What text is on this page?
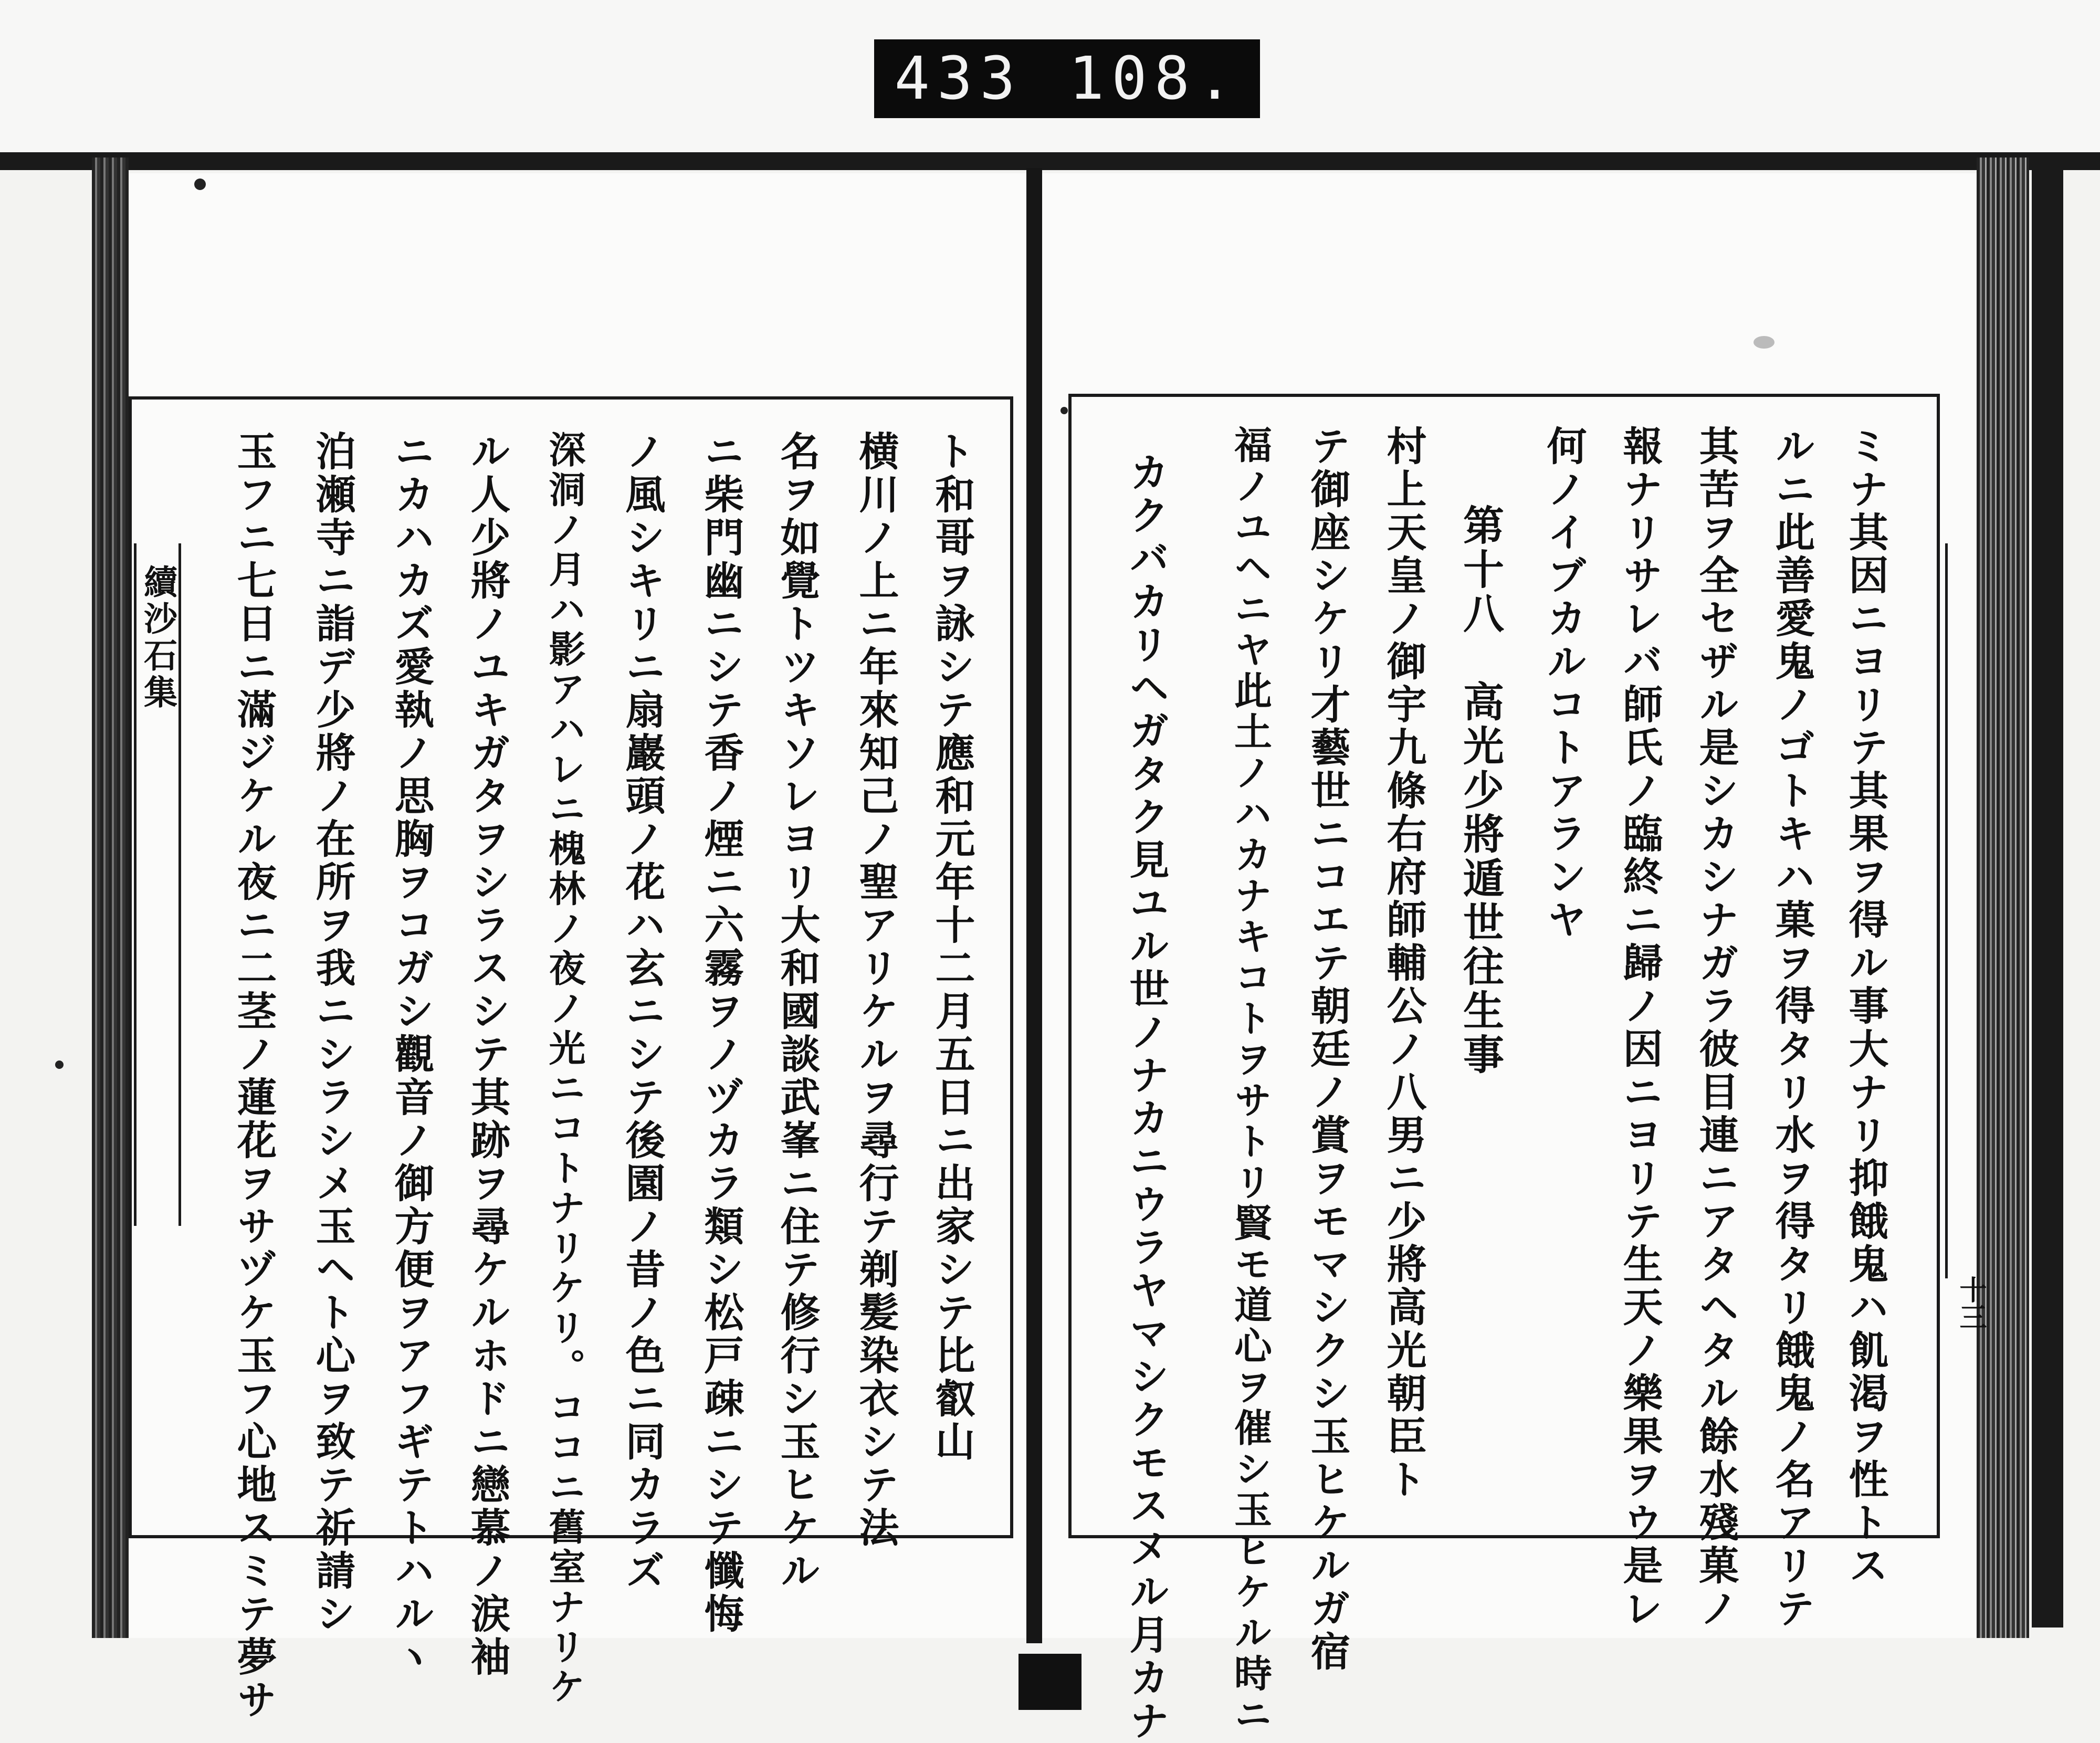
433 108.
續沙石集	ト和哥ヲ詠シテ應和元年十二月五日ニ出家シテ比叡山
横川ノ上ニ年來知己ノ聖アリケルヲ尋行テ剃髪染衣シテ法
名ヲ如覺トツキソレヨリ大和國談武峯ニ住テ修行シ玉ヒケル
ニ柴門幽ニシテ香ノ煙ニ六霧ヲノヅカラ類シ松戸疎ニシテ懺悔
ノ風シキリニ扇巖頭ノ花ハ玄ニシテ後園ノ昔ノ色ニ同カラズ
深洞ノ月ハ影アハレニ槐林ノ夜ノ光ニコトナリケリ。ココニ舊室ナリケ
ル人少將ノユキガタヲシラスシテ其跡ヲ尋ケルホドニ戀慕ノ涙袖
ニカハカズ愛執ノ思胸ヲコガシ觀音ノ御方便ヲアフギテトハルヽ
泊瀬寺ニ詣デ少將ノ在所ヲ我ニシラシメ玉ヘト心ヲ致テ祈請シ
玉フニ七日ニ滿ジケル夜ニ二茎ノ蓮花ヲサヅケ玉フ心地スミテ夢サ	十三
ミナ其因ニヨリテ其果ヲ得ル事大ナリ抑餓鬼ハ飢渇ヲ性トス
ルニ此善愛鬼ノゴトキハ菓ヲ得タリ水ヲ得タリ餓鬼ノ名アリテ
其苦ヲ全セザル是シカシナガラ彼目連ニアタヘタル餘水殘菓ノ
報ナリサレバ師氏ノ臨終ニ歸ノ因ニヨリテ生天ノ樂果ヲウ是レ
何ノイブカルコトアランヤ
第十八　高光少將遁世往生事
村上天皇ノ御宇九條右府師輔公ノ八男ニ少將高光朝臣ト
テ御座シケリ才藝世ニコエテ朝廷ノ賞ヲモマシクシ玉ヒケルガ宿
福ノユヘニヤ此土ノハカナキコトヲサトリ賢モ道心ヲ催シ玉ヒケル時ニ
カクバカリヘガタク見ユル世ノナカニウラヤマシクモスメル月カナ
